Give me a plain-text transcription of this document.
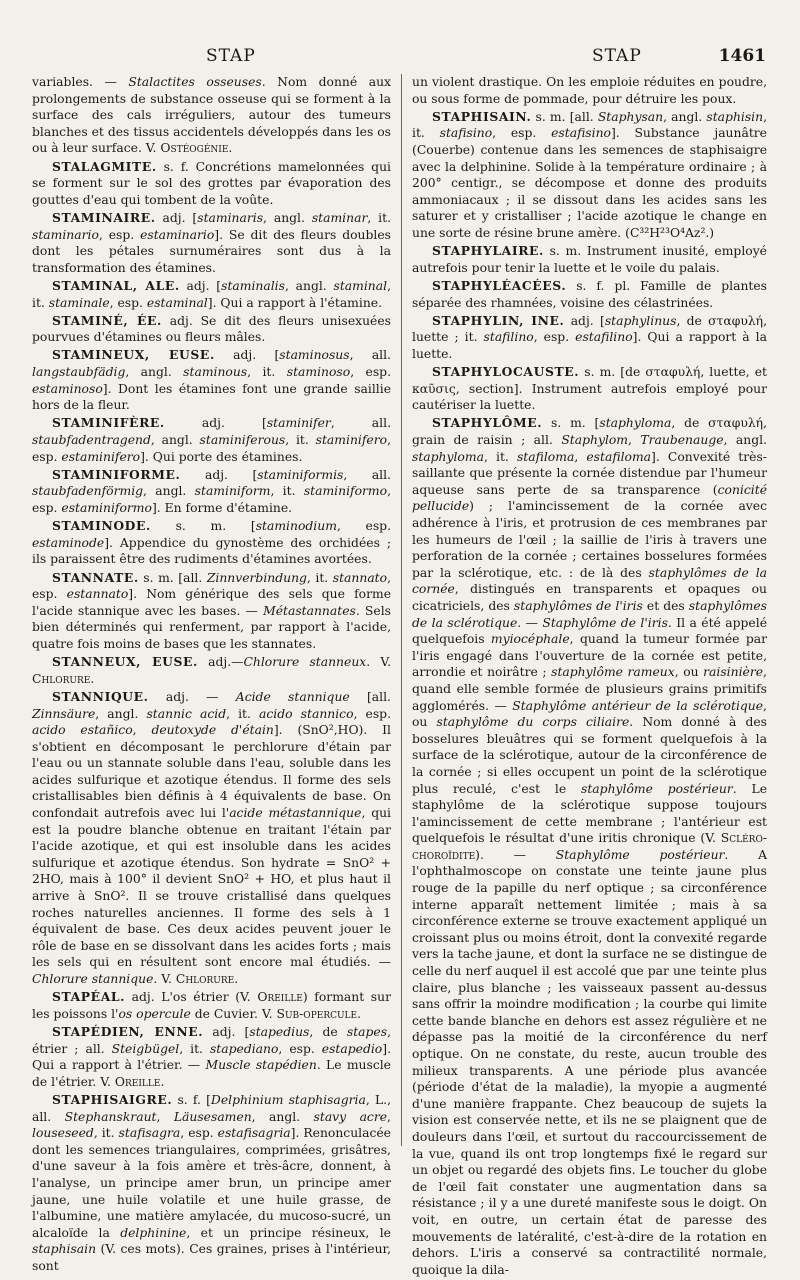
STAP	STAP	1461

variables. — Stalactites osseuses. Nom donné aux prolongements de substance osseuse qui se forment à la surface des cals irréguliers, autour des tumeurs blanches et des tissus accidentels développés dans les os ou à leur surface. V. Ostéogénie.

STALAGMITE. s. f. Concrétions mamelonnées qui se forment sur le sol des grottes par évaporation des gouttes d'eau qui tombent de la voûte.

STAMINAIRE. adj. [staminaris, angl. staminar, it. staminario, esp. estaminario]. Se dit des fleurs doubles dont les pétales surnuméraires sont dus à la transformation des étamines.

STAMINAL, ALE. adj. [staminalis, angl. staminal, it. staminale, esp. estaminal]. Qui a rapport à l'étamine.

STAMINÉ, ÉE. adj. Se dit des fleurs unisexuées pourvues d'étamines ou fleurs mâles.

STAMINEUX, EUSE. adj. [staminosus, all. langstaubfädig, angl. staminous, it. staminoso, esp. estaminoso]. Dont les étamines font une grande saillie hors de la fleur.

STAMINIFÈRE. adj. [staminifer, all. staubfadentragend, angl. staminiferous, it. staminifero, esp. estaminifero]. Qui porte des étamines.

STAMINIFORME. adj. [staminiformis, all. staubfadenförmig, angl. staminiform, it. staminiformo, esp. estaminiformo]. En forme d'étamine.

STAMINODE. s. m. [staminodium, esp. estaminode]. Appendice du gynostème des orchidées ; ils paraissent être des rudiments d'étamines avortées.

STANNATE. s. m. [all. Zinnverbindung, it. stannato, esp. estannato]. Nom générique des sels que forme l'acide stannique avec les bases. — Métastannates. Sels bien déterminés qui renferment, par rapport à l'acide, quatre fois moins de bases que les stannates.

STANNEUX, EUSE. adj.—Chlorure stanneux. V. Chlorure.

STANNIQUE. adj. — Acide stannique [all. Zinnsäure, angl. stannic acid, it. acido stannico, esp. acido estañico, deutoxyde d'étain]. (SnO²,HO). Il s'obtient en décomposant le perchlorure d'étain par l'eau ou un stannate soluble dans l'eau, soluble dans les acides sulfurique et azotique étendus. Il forme des sels cristallisables bien définis à 4 équivalents de base. On confondait autrefois avec lui l'acide métastannique, qui est la poudre blanche obtenue en traitant l'étain par l'acide azotique, et qui est insoluble dans les acides sulfurique et azotique étendus. Son hydrate = SnO² + 2HO, mais à 100° il devient SnO² + HO, et plus haut il arrive à SnO². Il se trouve cristallisé dans quelques roches naturelles anciennes. Il forme des sels à 1 équivalent de base. Ces deux acides peuvent jouer le rôle de base en se dissolvant dans les acides forts ; mais les sels qui en résultent sont encore mal étudiés. — Chlorure stannique. V. Chlorure.

STAPÉAL. adj. L'os étrier (V. Oreille) formant sur les poissons l'os opercule de Cuvier. V. Sub-opercule.

STAPÉDIEN, ENNE. adj. [stapedius, de stapes, étrier ; all. Steigbügel, it. stapediano, esp. estapedio]. Qui a rapport à l'étrier. — Muscle stapédien. Le muscle de l'étrier. V. Oreille.

STAPHISAIGRE. s. f. [Delphinium staphisagria, L., all. Stephanskraut, Läusesamen, angl. stavy acre, louseseed, it. stafisagra, esp. estafisagria]. Renonculacée dont les semences triangulaires, comprimées, grisâtres, d'une saveur à la fois amère et très-âcre, donnent, à l'analyse, un principe amer brun, un principe amer jaune, une huile volatile et une huile grasse, de l'albumine, une matière amylacée, du mucoso-sucré, un alcaloïde la delphinine, et un principe résineux, le staphisain (V. ces mots). Ces graines, prises à l'intérieur, sont

un violent drastique. On les emploie réduites en poudre, ou sous forme de pommade, pour détruire les poux.

STAPHISAIN. s. m. [all. Staphysan, angl. staphisin, it. stafisino, esp. estafisino]. Substance jaunâtre (Couerbe) contenue dans les semences de staphisaigre avec la delphinine. Solide à la température ordinaire ; à 200° centigr., se décompose et donne des produits ammoniacaux ; il se dissout dans les acides sans les saturer et y cristalliser ; l'acide azotique le change en une sorte de résine brune amère. (C³²H²³O⁴Az².)

STAPHYLAIRE. s. m. Instrument inusité, employé autrefois pour tenir la luette et le voile du palais.

STAPHYLÉACÉES. s. f. pl. Famille de plantes séparée des rhamnées, voisine des célastrinées.

STAPHYLIN, INE. adj. [staphylinus, de σταφυλή, luette ; it. stafilino, esp. estafilino]. Qui a rapport à la luette.

STAPHYLOCAUSTE. s. m. [de σταφυλή, luette, et καῦσις, section]. Instrument autrefois employé pour cautériser la luette.

STAPHYLÔME. s. m. [staphyloma, de σταφυλή, grain de raisin ; all. Staphylom, Traubenauge, angl. staphyloma, it. stafiloma, estafiloma]. Convexité très-saillante que présente la cornée distendue par l'humeur aqueuse sans perte de sa transparence (conicité pellucide) ; l'amincissement de la cornée avec adhérence à l'iris, et protrusion de ces membranes par les humeurs de l'œil ; la saillie de l'iris à travers une perforation de la cornée ; certaines bosselures formées par la sclérotique, etc. : de là des staphylômes de la cornée, distingués en transparents et opaques ou cicatriciels, des staphylômes de l'iris et des staphylômes de la sclérotique. — Staphylôme de l'iris. Il a été appelé quelquefois myiocéphale, quand la tumeur formée par l'iris engagé dans l'ouverture de la cornée est petite, arrondie et noirâtre ; staphylôme rameux, ou raisinière, quand elle semble formée de plusieurs grains primitifs agglomérés. — Staphylôme antérieur de la sclérotique, ou staphylôme du corps ciliaire. Nom donné à des bosselures bleuâtres qui se forment quelquefois à la surface de la sclérotique, autour de la circonférence de la cornée ; si elles occupent un point de la sclérotique plus reculé, c'est le staphylôme postérieur. Le staphylôme de la sclérotique suppose toujours l'amincissement de cette membrane ; l'antérieur est quelquefois le résultat d'une iritis chronique (V. Scléro-choroïdite). — Staphylôme postérieur. A l'ophthalmoscope on constate une teinte jaune plus rouge de la papille du nerf optique ; sa circonférence interne apparaît nettement limitée ; mais à sa circonférence externe se trouve exactement appliqué un croissant plus ou moins étroit, dont la convexité regarde vers la tache jaune, et dont la surface ne se distingue de celle du nerf auquel il est accolé que par une teinte plus claire, plus blanche ; les vaisseaux passent au-dessus sans offrir la moindre modification ; la courbe qui limite cette bande blanche en dehors est assez régulière et ne dépasse pas la moitié de la circonférence du nerf optique. On ne constate, du reste, aucun trouble des milieux transparents. A une période plus avancée (période d'état de la maladie), la myopie a augmenté d'une manière frappante. Chez beaucoup de sujets la vision est conservée nette, et ils ne se plaignent que de douleurs dans l'œil, et surtout du raccourcissement de la vue, quand ils ont trop longtemps fixé le regard sur un objet ou regardé des objets fins. Le toucher du globe de l'œil fait constater une augmentation dans sa résistance ; il y a une dureté manifeste sous le doigt. On voit, en outre, un certain état de paresse des mouvements de latéralité, c'est-à-dire de la rotation en dehors. L'iris a conservé sa contractilité normale, quoique la dila-
